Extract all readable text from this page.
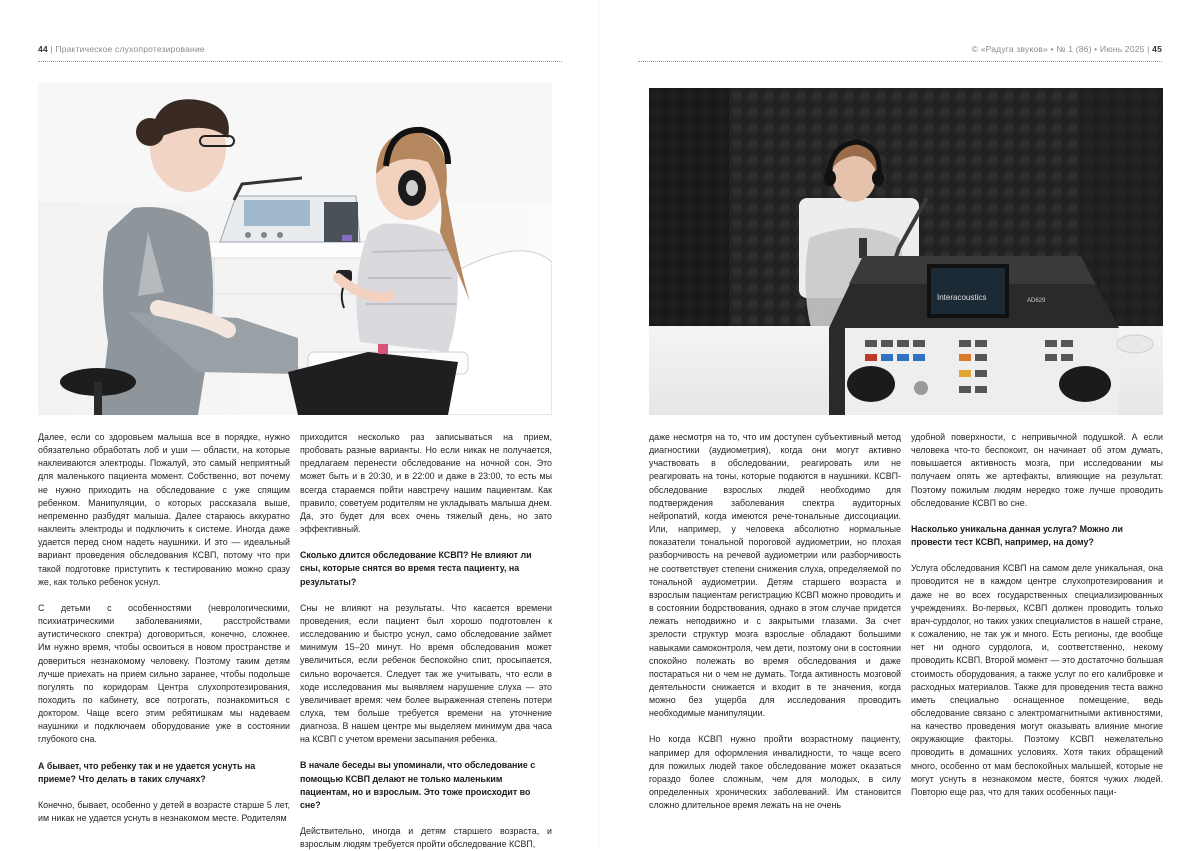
44 | Практическое слухопротезирование

Далее, если со здоровьем малыша все в порядке, нужно обязательно обработать лоб и уши — области, на которые наклеиваются электроды. Пожалуй, это самый неприятный для маленького пациента момент. Собственно, вот почему не нужно приходить на обследование с уже спящим ребенком. Манипуляции, о которых рассказала выше, непременно разбудят малыша. Далее стараюсь аккуратно наклеить электроды и подключить к системе. Иногда даже удается перед сном надеть наушники. И это — идеальный вариант проведения обследования КСВП, потому что при такой подготовке приступить к тестированию можно сразу же, как только ребенок уснул.

С детьми с особенностями (неврологическими, психиатрическими заболеваниями, расстройствами аутистического спектра) договориться, конечно, сложнее. Им нужно время, чтобы освоиться в новом пространстве и довериться незнакомому человеку. Поэтому таким детям лучше приехать на прием сильно заранее, чтобы подольше погулять по коридорам Центра слухопротезирования, походить по кабинету, все потрогать, познакомиться с доктором. Чаще всего этим ребятишкам мы надеваем наушники и подключаем оборудование уже в состоянии глубокого сна.

А бывает, что ребенку так и не удается уснуть на приеме? Что делать в таких случаях?

Конечно, бывает, особенно у детей в возрасте старше 5 лет, им никак не удается уснуть в незнакомом месте. Родителям

приходится несколько раз записываться на прием, пробовать разные варианты. Но если никак не получается, предлагаем перенести обследование на ночной сон. Это может быть и в 20:30, и в 22:00 и даже в 23:00, то есть мы всегда стараемся пойти навстречу нашим пациентам. Как правило, советуем родителям не укладывать малыша днем. Да, это будет для всех очень тяжелый день, но зато эффективный.

Сколько длится обследование КСВП? Не влияют ли сны, которые снятся во время теста пациенту, на результаты?

Сны не влияют на результаты. Что касается времени проведения, если пациент был хорошо подготовлен к исследованию и быстро уснул, само обследование займет минимум 15–20 минут. Но время обследования может увеличиться, если ребенок беспокойно спит, просыпается, сильно ворочается. Следует так же учитывать, что если в ходе исследования мы выявляем нарушение слуха — это увеличивает время: чем более выраженная степень потери слуха, тем больше требуется времени на уточнение диагноза. В нашем центре мы выделяем минимум два часа на КСВП с учетом времени засыпания ребенка.

В начале беседы вы упоминали, что обследование с помощью КСВП делают не только маленьким пациентам, но и взрослым. Это тоже происходит во сне?

Действительно, иногда и детям старшего возраста, и взрослым людям требуется пройти обследование КСВП,

© «Радуга звуков» • № 1 (86) • Июнь 2025 | 45
Interacoustics	AD629

даже несмотря на то, что им доступен субъективный метод диагностики (аудиометрия), когда они могут активно участвовать в обследовании, реагировать или не реагировать на тоны, которые подаются в наушники. КСВП-обследование взрослых людей необходимо для подтверждения заболевания спектра аудиторных нейропатий, когда имеются рече-тональные диссоциации. Или, например, у человека абсолютно нормальные показатели тональной пороговой аудиометрии, но плохая разборчивость на речевой аудиометрии или разборчивость не соответствует степени снижения слуха, определяемой по тональной аудиометрии. Детям старшего возраста и взрослым пациентам регистрацию КСВП можно проводить и в состоянии бодрствования, однако в этом случае придется лежать неподвижно и с закрытыми глазами. За счет зрелости структур мозга взрослые обладают большими навыками самоконтроля, чем дети, поэтому они в состоянии спокойно полежать во время обследования и даже постараться ни о чем не думать. Тогда активность мозговой деятельности снижается и входит в те значения, когда можно без ущерба для исследования проводить необходимые манипуляции.

Но когда КСВП нужно пройти возрастному пациенту, например для оформления инвалидности, то чаще всего для пожилых людей такое обследование может оказаться гораздо более сложным, чем для молодых, в силу определенных хронических заболеваний. Им становится сложно длительное время лежать на не очень

удобной поверхности, с непривычной подушкой. А если человека что-то беспокоит, он начинает об этом думать, повышается активность мозга, при исследовании мы получаем опять же артефакты, влияющие на результат. Поэтому пожилым людям нередко тоже лучше проводить обследование КСВП во сне.

Насколько уникальна данная услуга? Можно ли провести тест КСВП, например, на дому?

Услуга обследования КСВП на самом деле уникальная, она проводится не в каждом центре слухопротезирования и даже не во всех государственных специализированных учреждениях. Во-первых, КСВП должен проводить только врач-сурдолог, но таких узких специалистов в нашей стране, к сожалению, не так уж и много. Есть регионы, где вообще нет ни одного сурдолога, и, соответственно, некому проводить КСВП. Второй момент — это достаточно большая стоимость оборудования, а также услуг по его калибровке и расходных материалов. Также для проведения теста важно иметь специально оснащенное помещение, ведь обследование связано с электромагнитными активностями, на качество проведения могут оказывать влияние многие окружающие факторы. Поэтому КСВП нежелательно проводить в домашних условиях. Хотя таких обращений много, особенно от мам беспокойных малышей, которые не могут уснуть в незнакомом месте, боятся чужих людей. Повторю еще раз, что для таких особенных паци-
